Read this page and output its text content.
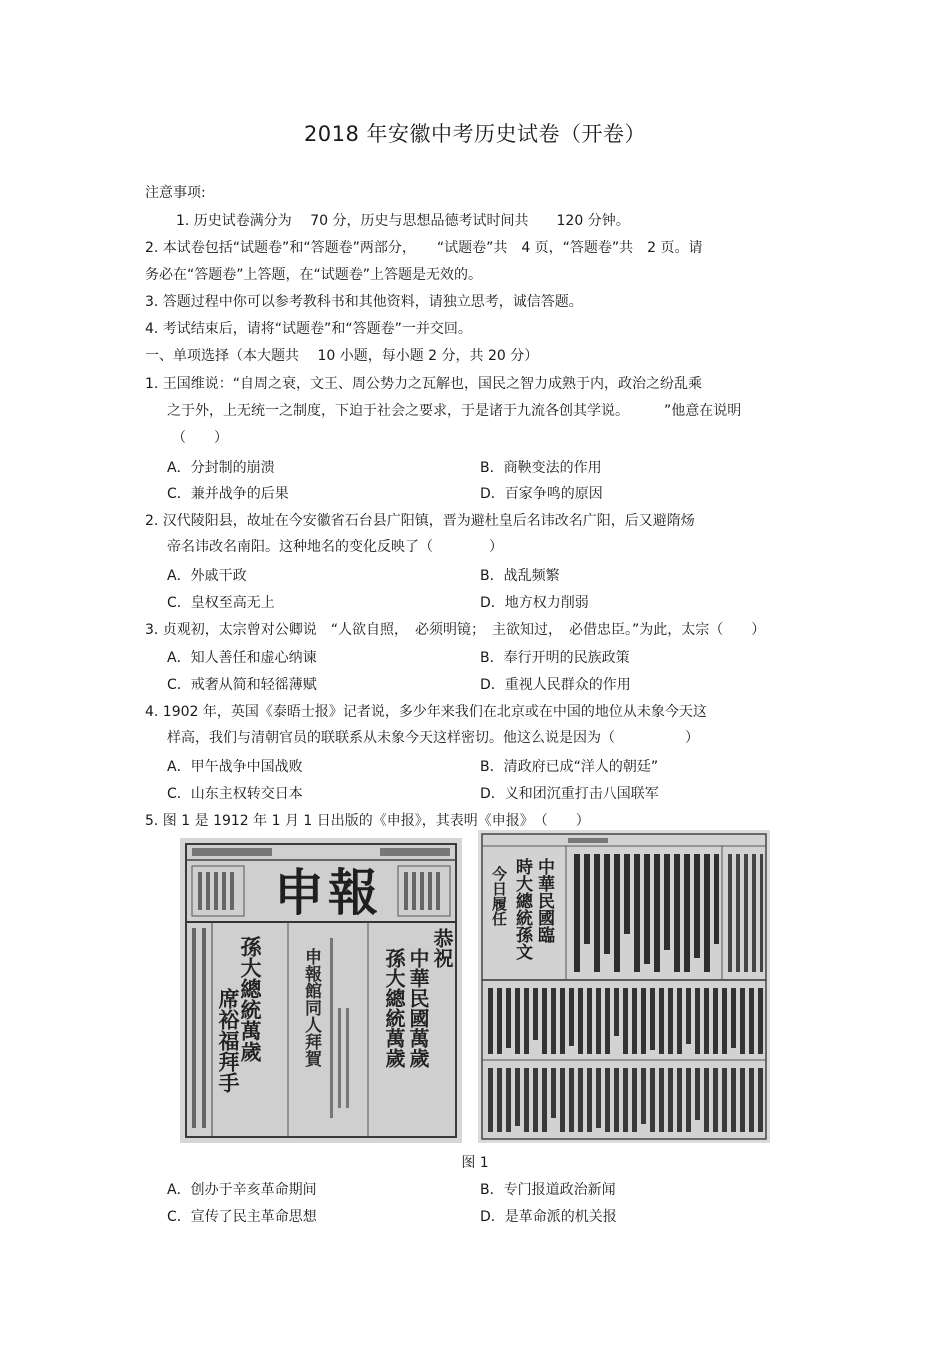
2018 年安徽中考历史试卷（开卷）
注意事项:
1. 历史试卷满分为　 70 分，历史与思想品德考试时间共　　120 分钟。
2. 本试卷包括“试题卷”和“答题卷”两部分，　　“试题卷”共　4 页，“答题卷”共　2 页。请
务必在“答题卷”上答题，在“试题卷”上答题是无效的。
3. 答题过程中你可以参考教科书和其他资料，请独立思考，诚信答题。
4. 考试结束后，请将“试题卷”和“答题卷”一并交回。
一、单项选择（本大题共　 10 小题，每小题 2 分，共 20 分）
1. 王国维说：“自周之衰，文王、周公势力之瓦解也，国民之智力成熟于内，政治之纷乱乘
之于外，上无统一之制度，下迫于社会之要求，于是诸于九流各创其学说。　　　”他意在说明
（　　）
A．分封制的崩溃	B．商鞅变法的作用
C．兼并战争的后果	D．百家争鸣的原因
2. 汉代陵阳县，故址在今安徽省石台县广阳镇，晋为避杜皇后名讳改名广阳，后又避隋炀
帝名讳改名南阳。这种地名的变化反映了（　　　　）
A．外戚干政	B．战乱频繁
C．皇权至高无上	D．地方权力削弱
3. 贞观初，太宗曾对公卿说　“人欲自照，　必须明镜；　主欲知过，　必借忠臣。”为此，太宗（　　）
A．知人善任和虚心纳谏	B．奉行开明的民族政策
C．戒奢从简和轻徭薄赋	D．重视人民群众的作用
4. 1902 年，英国《泰晤士报》记者说，多少年来我们在北京或在中国的地位从未象今天这
样高，我们与清朝官员的联联系从未象今天这样密切。他这么说是因为（　　　　　）
A．甲午战争中国战败	B．清政府已成“洋人的朝廷”
C．山东主权转交日本	D．义和团沉重打击八国联军
5. 图 1 是 1912 年 1 月 1 日出版的《申报》，其表明《申报》　（　　）
申報
孫大總統萬歲
席裕福拜手
恭祝
中華民國萬歲
孫大總統萬歲
申報館同人拜賀
中華民國臨
時大總統孫文
今日履任
图 1
A．创办于辛亥革命期间	B．专门报道政治新闻
C．宣传了民主革命思想	D．是革命派的机关报
